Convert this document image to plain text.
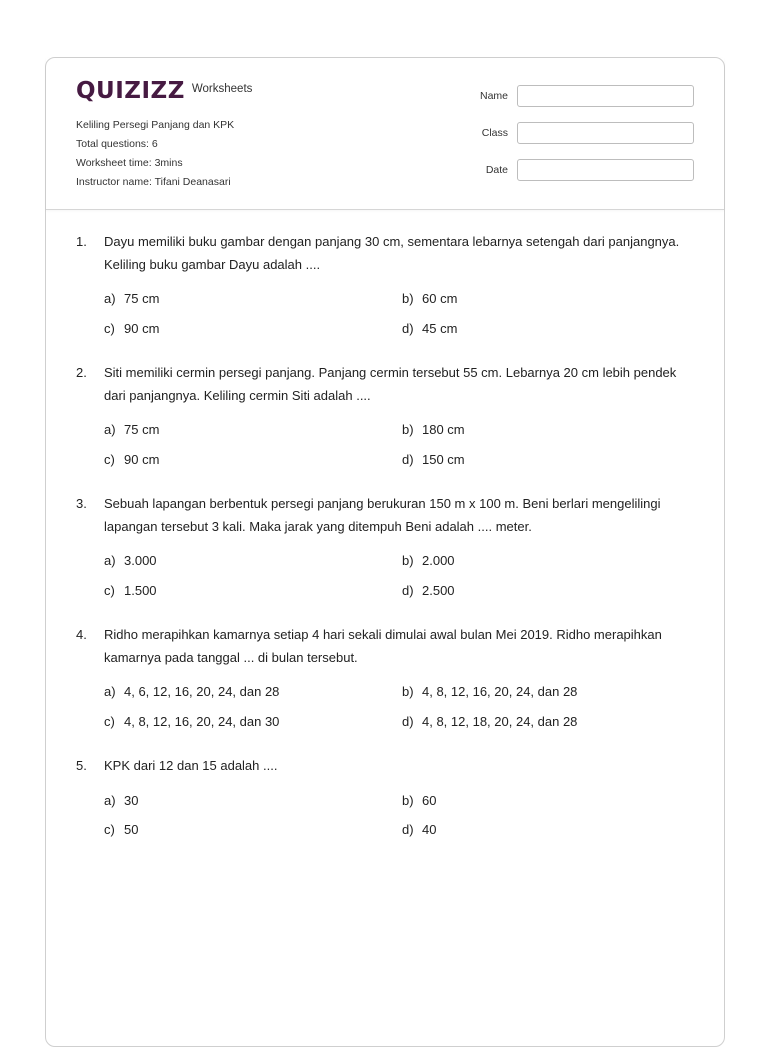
QUIZIZZ Worksheets
Keliling Persegi Panjang dan KPK
Total questions: 6
Worksheet time: 3mins
Instructor name: Tifani Deanasari
Name
Class
Date
1.	Dayu memiliki buku gambar dengan panjang 30 cm, sementara lebarnya setengah dari panjangnya. Keliling buku gambar Dayu adalah ....
a) 75 cm	b) 60 cm
c) 90 cm	d) 45 cm
2.	Siti memiliki cermin persegi panjang. Panjang cermin tersebut 55 cm. Lebarnya 20 cm lebih pendek dari panjangnya. Keliling cermin Siti adalah ....
a) 75 cm	b) 180 cm
c) 90 cm	d) 150 cm
3.	Sebuah lapangan berbentuk persegi panjang berukuran 150 m x 100 m. Beni berlari mengelilingi lapangan tersebut 3 kali. Maka jarak yang ditempuh Beni adalah .... meter.
a) 3.000	b) 2.000
c) 1.500	d) 2.500
4.	Ridho merapihkan kamarnya setiap 4 hari sekali dimulai awal bulan Mei 2019. Ridho merapihkan kamarnya pada tanggal ... di bulan tersebut.
a) 4, 6, 12, 16, 20, 24, dan 28	b) 4, 8, 12, 16, 20, 24, dan 28
c) 4, 8, 12, 16, 20, 24, dan 30	d) 4, 8, 12, 18, 20, 24, dan 28
5.	KPK dari 12 dan 15 adalah ....
a) 30	b) 60
c) 50	d) 40
